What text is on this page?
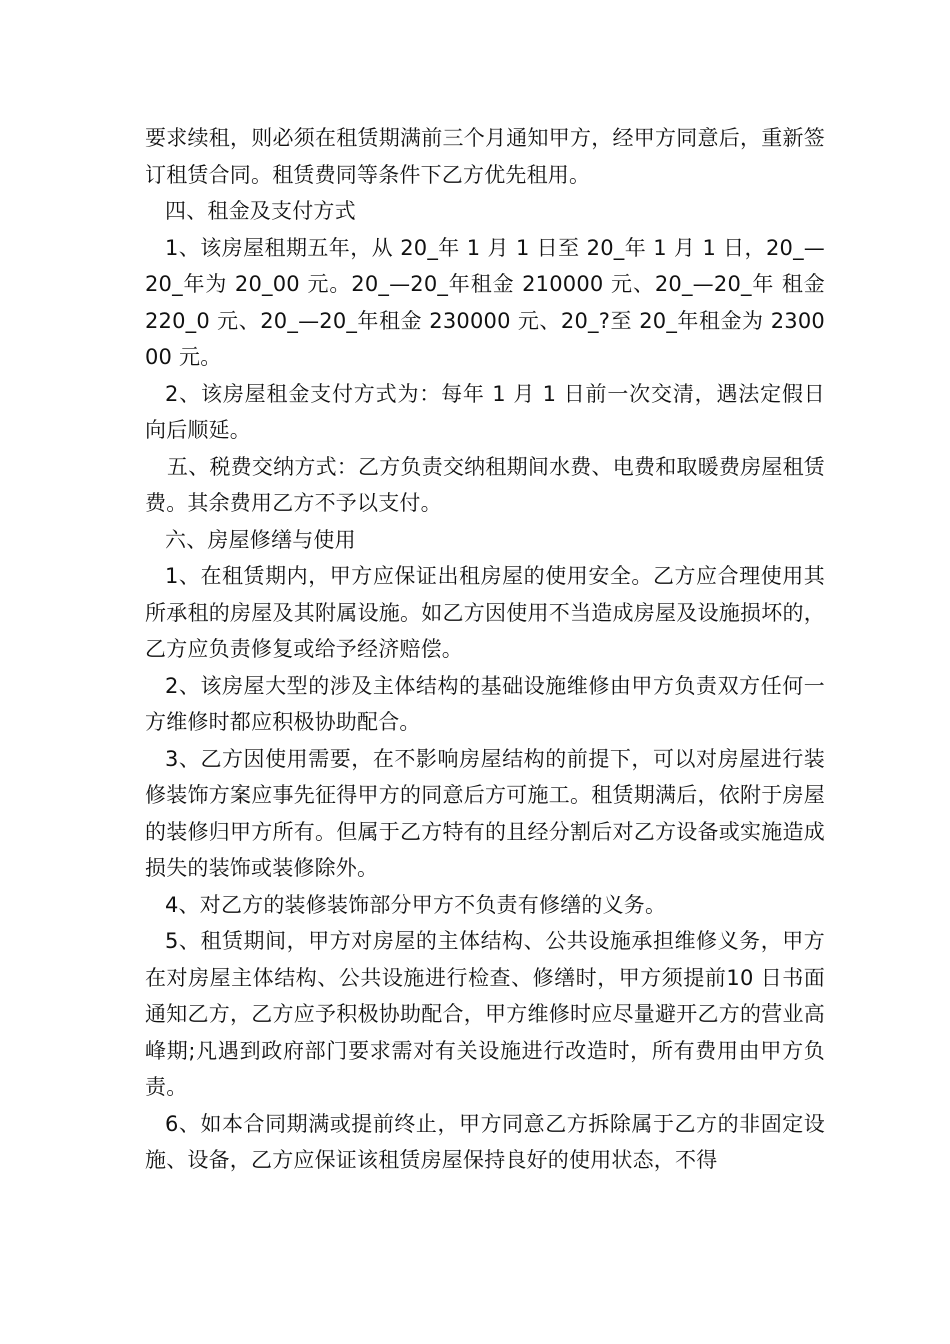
要求续租，则必须在租赁期满前三个月通知甲方，经甲方同意后，重新签订租赁合同。租赁费同等条件下乙方优先租用。

四、租金及支付方式

1、该房屋租期五年，从 20_年 1 月 1 日至 20_年 1 月 1 日，20_—20_年为 20_00 元。20_—20_年租金 210000 元、20_—20_年 租金 220_0 元、20_—20_年租金 230000 元、20_?至 20_年租金为 230000 元。

2、该房屋租金支付方式为：每年 1 月 1 日前一次交清，遇法定假日向后顺延。

五、税费交纳方式：乙方负责交纳租期间水费、电费和取暖费房屋租赁费。其余费用乙方不予以支付。

六、房屋修缮与使用

1、在租赁期内，甲方应保证出租房屋的使用安全。乙方应合理使用其所承租的房屋及其附属设施。如乙方因使用不当造成房屋及设施损坏的，乙方应负责修复或给予经济赔偿。

2、该房屋大型的涉及主体结构的基础设施维修由甲方负责双方任何一方维修时都应积极协助配合。

3、乙方因使用需要，在不影响房屋结构的前提下，可以对房屋进行装修装饰方案应事先征得甲方的同意后方可施工。租赁期满后，依附于房屋的装修归甲方所有。但属于乙方特有的且经分割后对乙方设备或实施造成损失的装饰或装修除外。

4、对乙方的装修装饰部分甲方不负责有修缮的义务。

5、租赁期间，甲方对房屋的主体结构、公共设施承担维修义务，甲方在对房屋主体结构、公共设施进行检查、修缮时，甲方须提前10 日书面通知乙方，乙方应予积极协助配合，甲方维修时应尽量避开乙方的营业高峰期;凡遇到政府部门要求需对有关设施进行改造时，所有费用由甲方负责。

6、如本合同期满或提前终止，甲方同意乙方拆除属于乙方的非固定设施、设备，乙方应保证该租赁房屋保持良好的使用状态，不得
